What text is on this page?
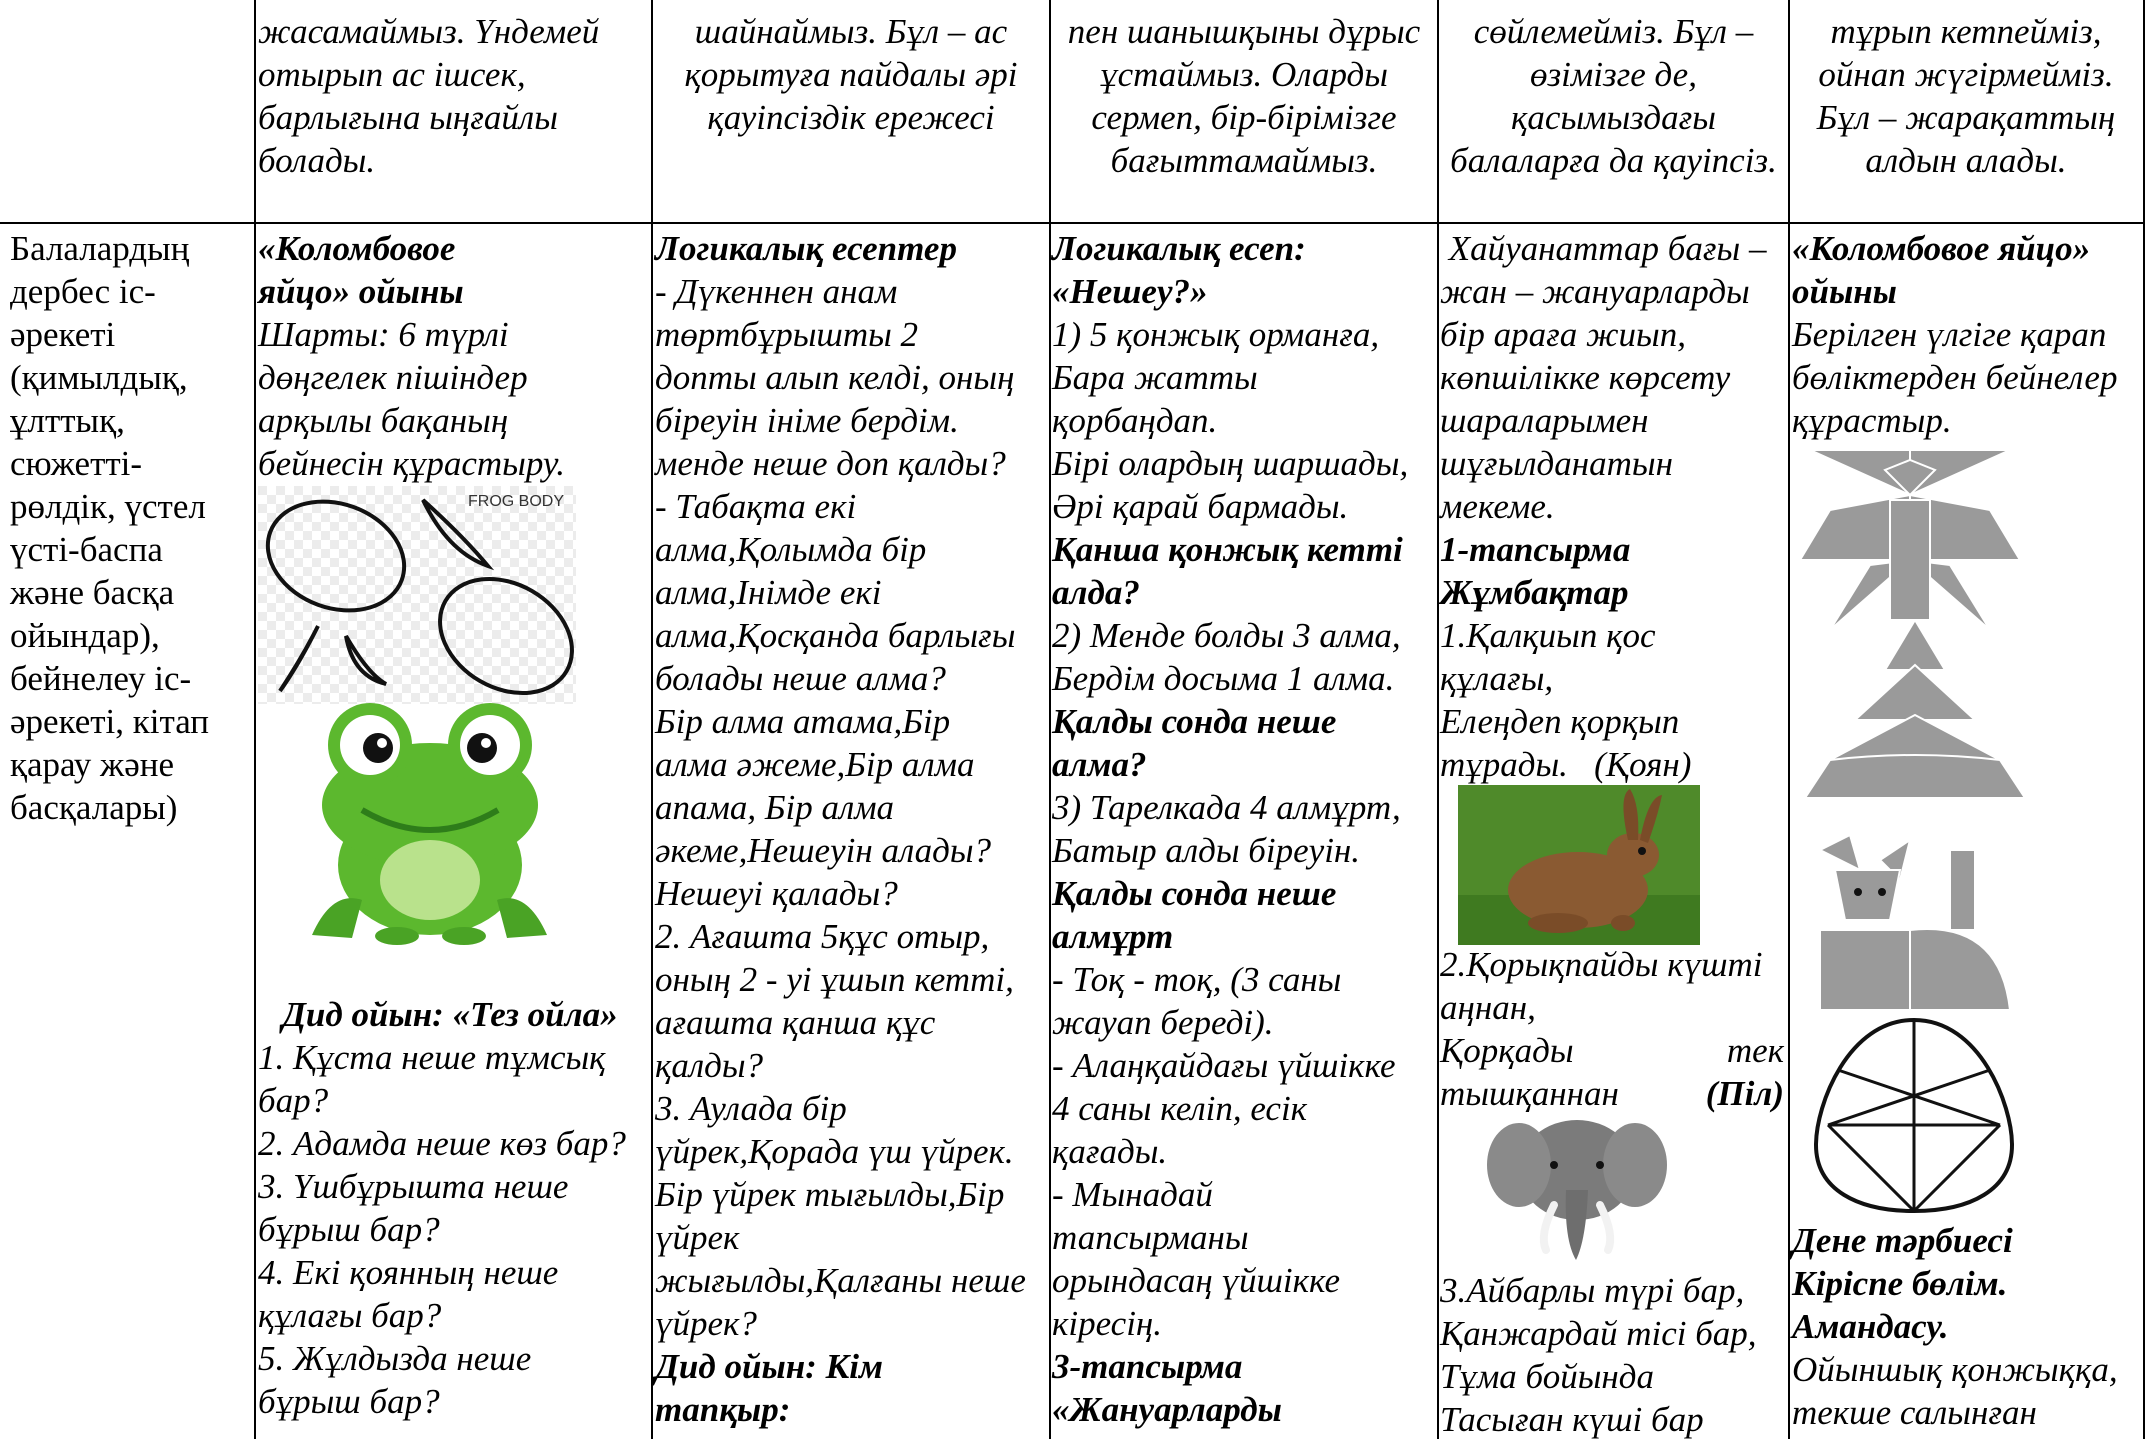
жасамаймыз. Үндемей

отырып ас ішсек,

барлығына ыңғайлы

болады.

шайнаймыз. Бұл – ас

қорытуға пайдалы әрі

қауіпсіздік ережесі

пен шанышқыны дұрыс

ұстаймыз. Оларды

сермеп, бір-бірімізге

бағыттамаймыз.

сөйлемейміз. Бұл –

өзімізге де,

қасымыздағы

балаларға да қауіпсіз.

тұрып кетпейміз,

ойнап жүгірмейміз.

Бұл – жарақаттың

алдын алады.

Балалардың

дербес іс-

әрекеті

(қимылдық,

ұлттық,

сюжетті-

рөлдік, үстел

үсті-баспа

және басқа

ойындар),

бейнелеу іс-

әрекеті, кітап

қарау және

басқалары)

«Коломбовое

яйцо» ойыны

Шарты: 6 түрлі

дөңгелек пішіндер

арқылы бақаның

бейнесін құрастыру.

FROG BODY

Дид ойын: «Тез ойла»

1. Құста неше тұмсық

бар?

2. Адамда неше көз бар?

3. Үшбұрышта неше

бұрыш бар?

4. Екі қоянның неше

құлағы бар?

5. Жұлдызда неше

бұрыш бар?

Логикалық есептер

- Дүкеннен анам

төртбұрышты 2

допты алып келді, оның

біреуін ініме бердім.

менде неше доп қалды?

- Табақта екі

алма,Қолымда бір

алма,Інімде екі

алма,Қосқанда барлығы

болады неше алма?

Бір алма атама,Бір

алма әжеме,Бір алма

апама, Бір алма

әкеме,Нешеуін алады?

Нешеуі қалады?

2. Ағашта 5құс отыр,

оның 2 - уі ұшып кетті,

ағашта қанша құс

қалды?

3. Аулада бір

үйрек,Қорада үш үйрек.

Бір үйрек тығылды,Бір

үйрек

жығылды,Қалғаны неше

үйрек?

Дид ойын: Кім

тапқыр:

Логикалық есеп:

«Нешеу?»

1) 5 қонжық орманға,

Бара жатты

қорбаңдап.

Бірі олардың шаршады,

Әрі қарай бармады.

Қанша қонжық кетті

алда?

2) Менде болды 3 алма,

Бердім досыма 1 алма.

Қалды сонда неше

алма?

3) Тарелкада 4 алмұрт,

Батыр алды біреуін.

Қалды сонда неше

алмұрт

- Тоқ - тоқ, (3 саны

жауап береді).

- Алаңқайдағы үйшікке

4 саны келіп, есік

қағады.

- Мынадай

тапсырманы

орындасаң үйшікке

кіресің.

3-тапсырма

«Жануарларды

Хайуанаттар бағы –

жан – жануарларды

бір араға жиып,

көпшілікке көрсету

шараларымен

шұғылданатын

мекеме.

1-тапсырма

Жұмбақтар

1.Қалқиып қос

құлағы,

Елеңдеп қорқып

тұрады.   (Қоян)

2.Қорықпайды күшті

аңнан,

Қорқады	тек

тышқаннан (Піл)

3.Айбарлы түрі бар,

Қанжардай тісі бар,

Тұма бойында

Тасыған күші бар

«Коломбовое яйцо»

ойыны

Берілген үлгіге қарап

бөліктерден бейнелер

құрастыр.

Дене тәрбиесі

Кіріспе бөлім.

Амандасу.

Ойыншық қонжыққа,

текше салынған
